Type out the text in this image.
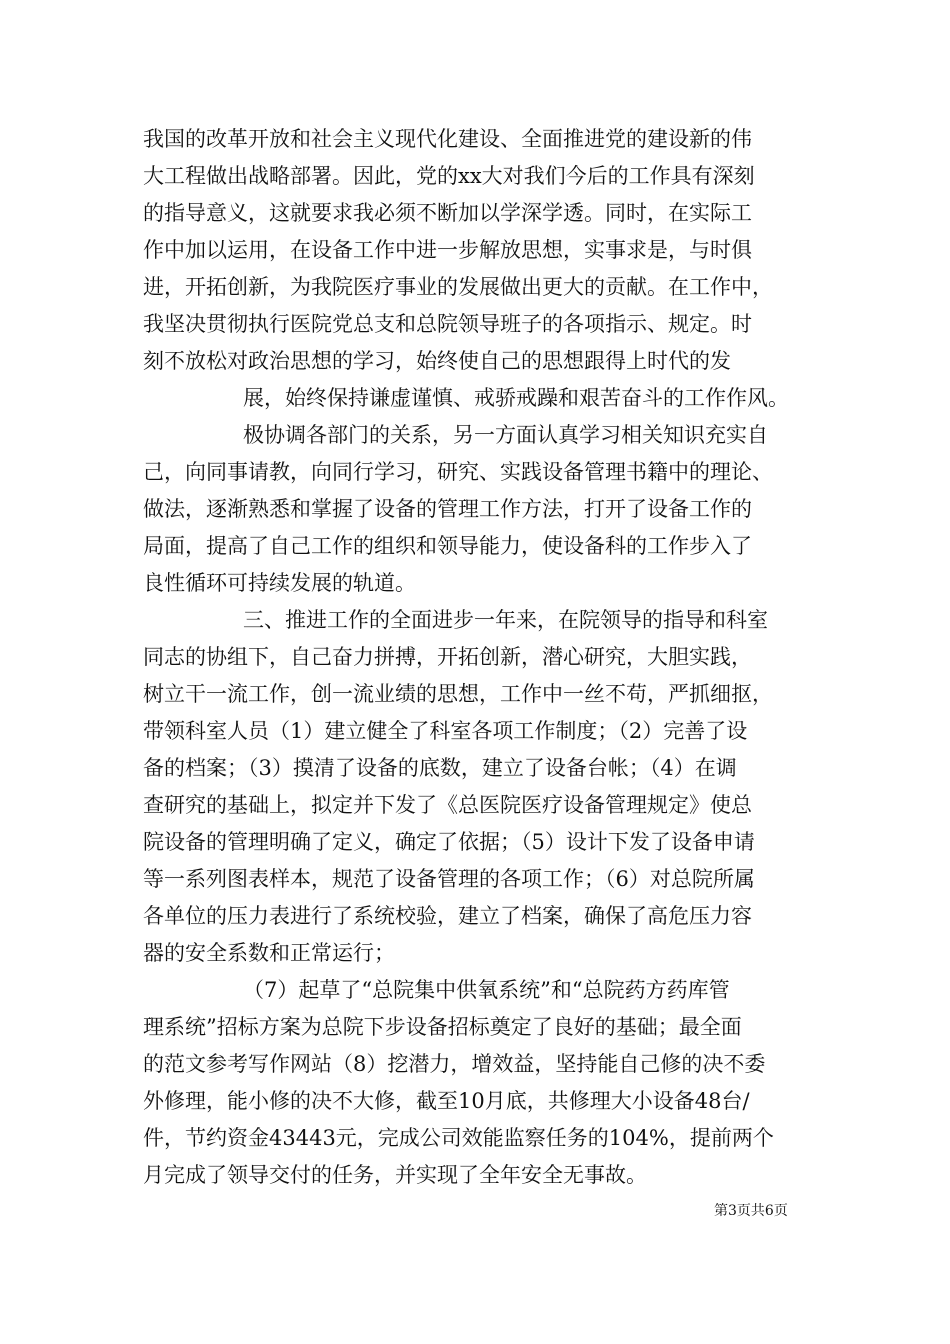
我国的改革开放和社会主义现代化建设、全面推进党的建设新的伟
大工程做出战略部署。因此，党的xx大对我们今后的工作具有深刻
的指导意义，这就要求我必须不断加以学深学透。同时，在实际工
作中加以运用，在设备工作中进一步解放思想，实事求是，与时俱
进，开拓创新，为我院医疗事业的发展做出更大的贡献。在工作中，
我坚决贯彻执行医院党总支和总院领导班子的各项指示、规定。时
刻不放松对政治思想的学习，始终使自己的思想跟得上时代的发
展，始终保持谦虚谨慎、戒骄戒躁和艰苦奋斗的工作作风。
极协调各部门的关系，另一方面认真学习相关知识充实自
己，向同事请教，向同行学习，研究、实践设备管理书籍中的理论、
做法，逐渐熟悉和掌握了设备的管理工作方法，打开了设备工作的
局面，提高了自己工作的组织和领导能力，使设备科的工作步入了
良性循环可持续发展的轨道。
三、推进工作的全面进步一年来，在院领导的指导和科室
同志的协组下，自己奋力拼搏，开拓创新，潜心研究，大胆实践，
树立干一流工作，创一流业绩的思想，工作中一丝不苟，严抓细抠，
带领科室人员（1）建立健全了科室各项工作制度；（2）完善了设
备的档案；（3）摸清了设备的底数，建立了设备台帐；（4）在调
查研究的基础上，拟定并下发了《总医院医疗设备管理规定》使总
院设备的管理明确了定义，确定了依据；（5）设计下发了设备申请
等一系列图表样本，规范了设备管理的各项工作；（6）对总院所属
各单位的压力表进行了系统校验，建立了档案，确保了高危压力容
器的安全系数和正常运行；
（7）起草了“总院集中供氧系统”和“总院药方药库管
理系统”招标方案为总院下步设备招标奠定了良好的基础；最全面
的范文参考写作网站（8）挖潜力，增效益，坚持能自己修的决不委
外修理，能小修的决不大修，截至10月底，共修理大小设备48台/
件，节约资金43443元，完成公司效能监察任务的104%，提前两个
月完成了领导交付的任务，并实现了全年安全无事故。
第3页共6页
